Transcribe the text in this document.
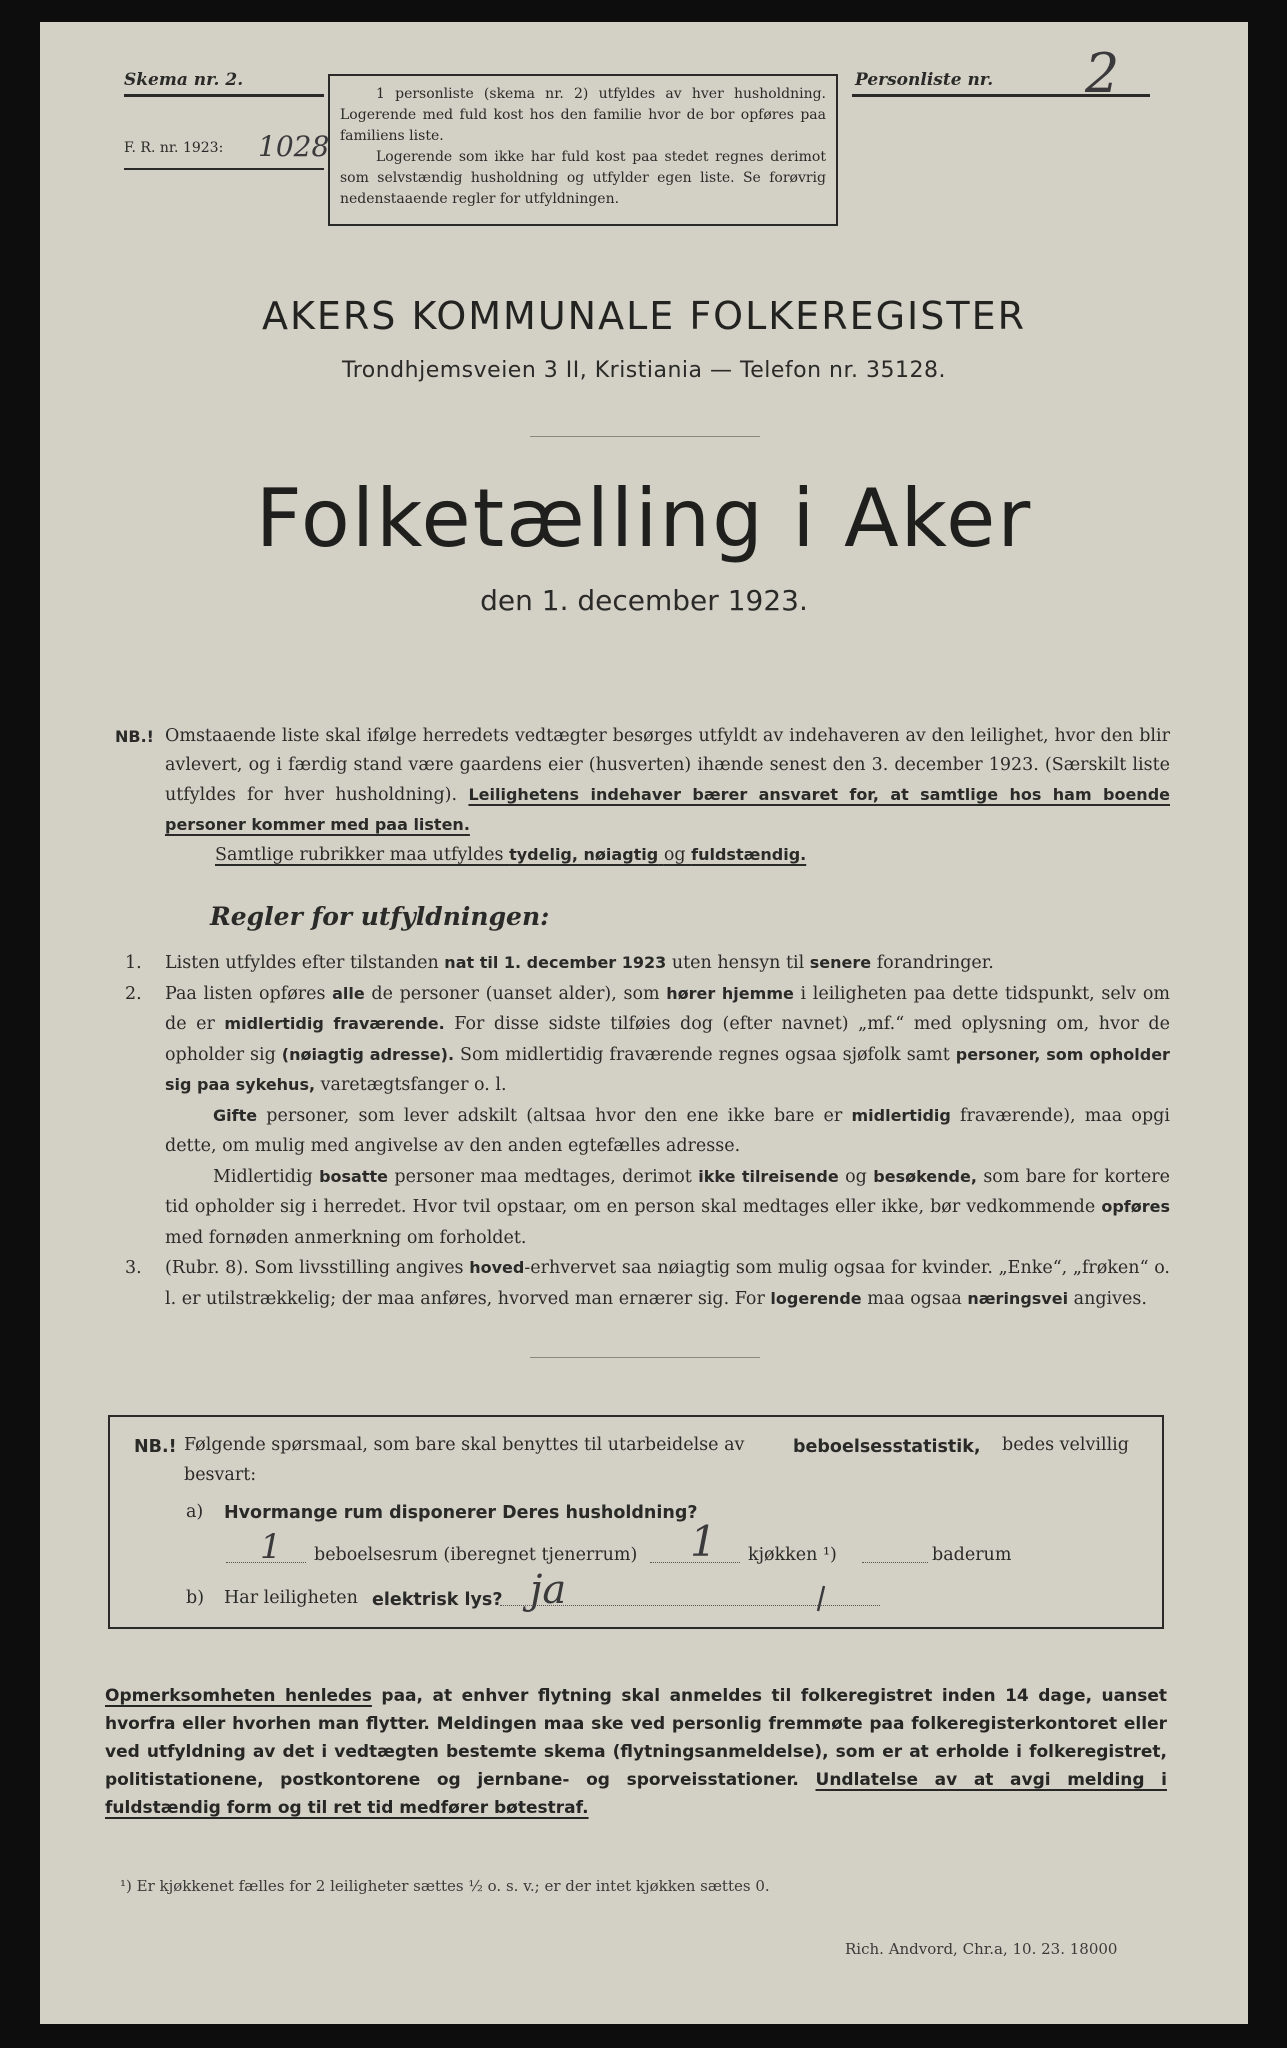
Skema nr. 2.
F. R. nr. 1923: 1028

1 personliste (skema nr. 2) utfyldes av hver husholdning. Logerende med fuld kost hos den familie hvor de bor opføres paa familiens liste.

Logerende som ikke har fuld kost paa stedet regnes derimot som selvstændig husholdning og utfylder egen liste. Se forøvrig nedenstaaende regler for utfyldningen.

Personliste nr. 2
AKERS KOMMUNALE FOLKEREGISTER
Trondhjemsveien 3 II, Kristiania — Telefon nr. 35128.
Folketælling i Aker
den 1. december 1923.
NB.! Omstaaende liste skal ifølge herredets vedtægter besørges utfyldt av indehaveren av den leilighet, hvor den blir avlevert, og i færdig stand være gaardens eier (husverten) ihænde senest den 3. december 1923. (Særskilt liste utfyldes for hver husholdning). Leilighetens indehaver bærer ansvaret for, at samtlige hos ham boende personer kommer med paa listen.
Samtlige rubrikker maa utfyldes tydelig, nøiagtig og fuldstændig.
Regler for utfyldningen:
1. Listen utfyldes efter tilstanden nat til 1. december 1923 uten hensyn til senere forandringer.

2. Paa listen opføres alle de personer (uanset alder), som hører hjemme i leiligheten paa dette tidspunkt, selv om de er midlertidig fraværende. For disse sidste tilføies dog (efter navnet) „mf.“ med oplysning om, hvor de opholder sig (nøiagtig adresse). Som midlertidig fraværende regnes ogsaa sjøfolk samt personer, som opholder sig paa sykehus, varetægtsfanger o. l.

Gifte personer, som lever adskilt (altsaa hvor den ene ikke bare er midlertidig fraværende), maa opgi dette, om mulig med angivelse av den anden egtefælles adresse.

Midlertidig bosatte personer maa medtages, derimot ikke tilreisende og besøkende, som bare for kortere tid opholder sig i herredet. Hvor tvil opstaar, om en person skal medtages eller ikke, bør vedkommende opføres med fornøden anmerkning om forholdet.

3. (Rubr. 8). Som livsstilling angives hoved-erhvervet saa nøiagtig som mulig ogsaa for kvinder. „Enke“, „frøken“ o. l. er utilstrækkelig; der maa anføres, hvorved man ernærer sig. For logerende maa ogsaa næringsvei angives.

NB.! Følgende spørsmaal, som bare skal benyttes til utarbeidelse av	beboelsesstatistik, bedes velvillig
besvart:
a) Hvormange rum disponerer Deres husholdning?
1 beboelsesrum (iberegnet tjenerrum) 1 kjøkken ¹)	baderum
b) Har leiligheten elektrisk lys? ja
Opmerksomheten henledes paa, at enhver flytning skal anmeldes til folkeregistret inden 14 dage, uanset hvorfra eller hvorhen man flytter. Meldingen maa ske ved personlig fremmøte paa folkeregisterkontoret eller ved utfyldning av det i vedtægten bestemte skema (flytningsanmeldelse), som er at erholde i folkeregistret, politistationene, postkontorene og jernbane- og sporveisstationer. Undlatelse av at avgi melding i fuldstændig form og til ret tid medfører bøtestraf.
¹) Er kjøkkenet fælles for 2 leiligheter sættes ½ o. s. v.; er der intet kjøkken sættes 0.
Rich. Andvord, Chr.a, 10. 23. 18000
